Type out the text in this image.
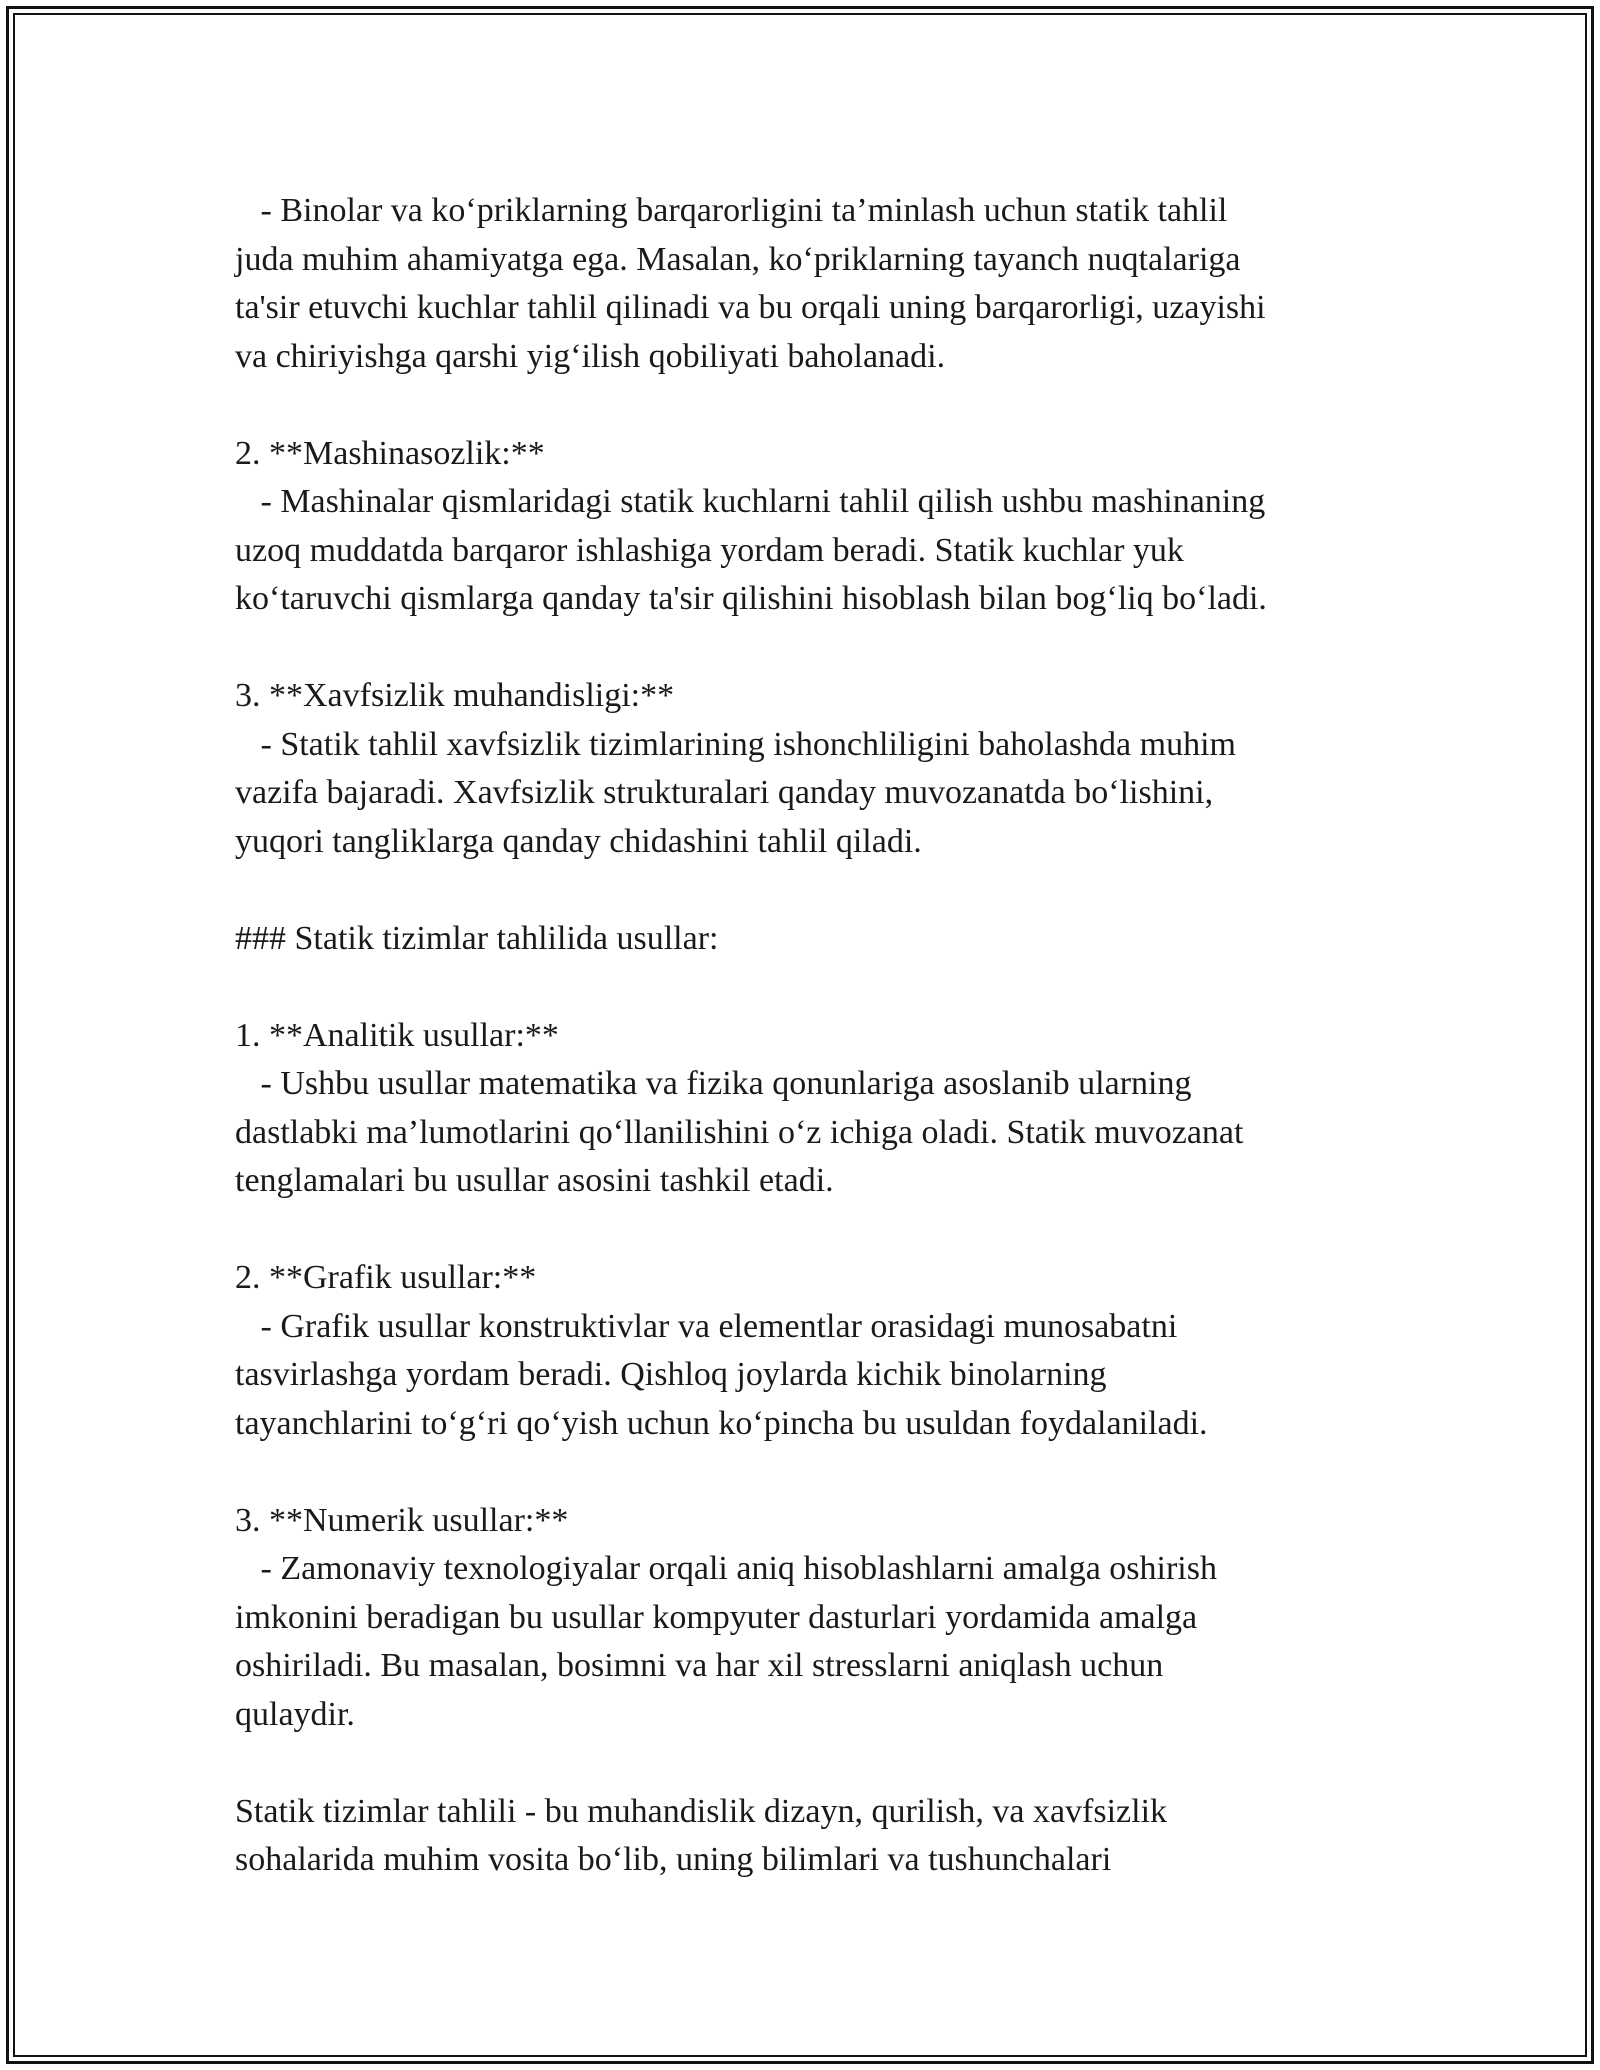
- Binolar va ko‘priklarning barqarorligini ta’minlash uchun statik tahlil
juda muhim ahamiyatga ega. Masalan, ko‘priklarning tayanch nuqtalariga
ta'sir etuvchi kuchlar tahlil qilinadi va bu orqali uning barqarorligi, uzayishi
va chiriyishga qarshi yig‘ilish qobiliyati baholanadi.
2. **Mashinasozlik:**
- Mashinalar qismlaridagi statik kuchlarni tahlil qilish ushbu mashinaning
uzoq muddatda barqaror ishlashiga yordam beradi. Statik kuchlar yuk
ko‘taruvchi qismlarga qanday ta'sir qilishini hisoblash bilan bog‘liq bo‘ladi.
3. **Xavfsizlik muhandisligi:**
- Statik tahlil xavfsizlik tizimlarining ishonchliligini baholashda muhim
vazifa bajaradi. Xavfsizlik strukturalari qanday muvozanatda bo‘lishini,
yuqori tangliklarga qanday chidashini tahlil qiladi.
### Statik tizimlar tahlilida usullar:
1. **Analitik usullar:**
- Ushbu usullar matematika va fizika qonunlariga asoslanib ularning
dastlabki ma’lumotlarini qo‘llanilishini o‘z ichiga oladi. Statik muvozanat
tenglamalari bu usullar asosini tashkil etadi.
2. **Grafik usullar:**
- Grafik usullar konstruktivlar va elementlar orasidagi munosabatni
tasvirlashga yordam beradi. Qishloq joylarda kichik binolarning
tayanchlarini to‘g‘ri qo‘yish uchun ko‘pincha bu usuldan foydalaniladi.
3. **Numerik usullar:**
- Zamonaviy texnologiyalar orqali aniq hisoblashlarni amalga oshirish
imkonini beradigan bu usullar kompyuter dasturlari yordamida amalga
oshiriladi. Bu masalan, bosimni va har xil stresslarni aniqlash uchun
qulaydir.
Statik tizimlar tahlili - bu muhandislik dizayn, qurilish, va xavfsizlik
sohalarida muhim vosita bo‘lib, uning bilimlari va tushunchalari
